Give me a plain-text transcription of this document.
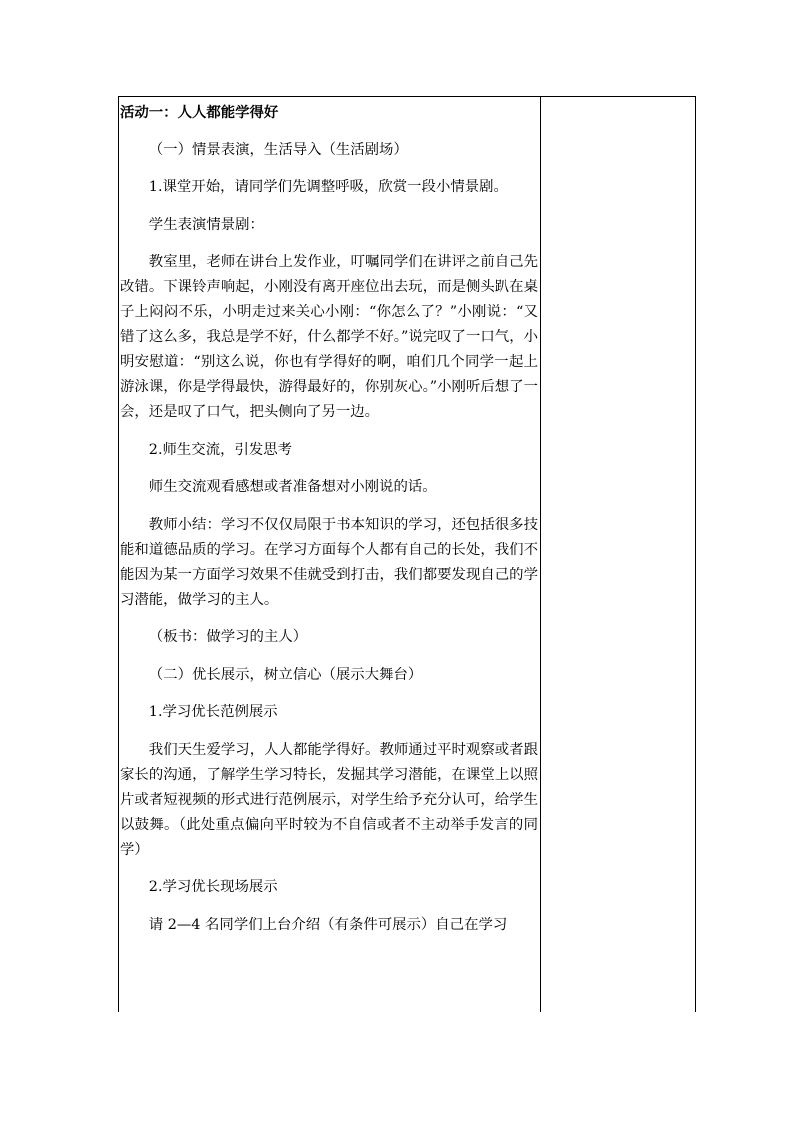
活动一：人人都能学得好

（一）情景表演，生活导入（生活剧场）

1.课堂开始，请同学们先调整呼吸，欣赏一段小情景剧。

学生表演情景剧：

教室里，老师在讲台上发作业，叮嘱同学们在讲评之前自己先改错。下课铃声响起，小刚没有离开座位出去玩，而是侧头趴在桌子上闷闷不乐，小明走过来关心小刚：“你怎么了？”小刚说：“又错了这么多，我总是学不好，什么都学不好。”说完叹了一口气，小明安慰道：“别这么说，你也有学得好的啊，咱们几个同学一起上游泳课，你是学得最快，游得最好的，你别灰心。”小刚听后想了一会，还是叹了口气，把头侧向了另一边。

2.师生交流，引发思考

师生交流观看感想或者准备想对小刚说的话。

教师小结：学习不仅仅局限于书本知识的学习，还包括很多技能和道德品质的学习。在学习方面每个人都有自己的长处，我们不能因为某一方面学习效果不佳就受到打击，我们都要发现自己的学习潜能，做学习的主人。

（板书：做学习的主人）

（二）优长展示，树立信心（展示大舞台）

1.学习优长范例展示

我们天生爱学习，人人都能学得好。教师通过平时观察或者跟家长的沟通，了解学生学习特长，发掘其学习潜能，在课堂上以照片或者短视频的形式进行范例展示，对学生给予充分认可，给学生以鼓舞。（此处重点偏向平时较为不自信或者不主动举手发言的同学）

2.学习优长现场展示

请 2—4 名同学们上台介绍（有条件可展示）自己在学习
